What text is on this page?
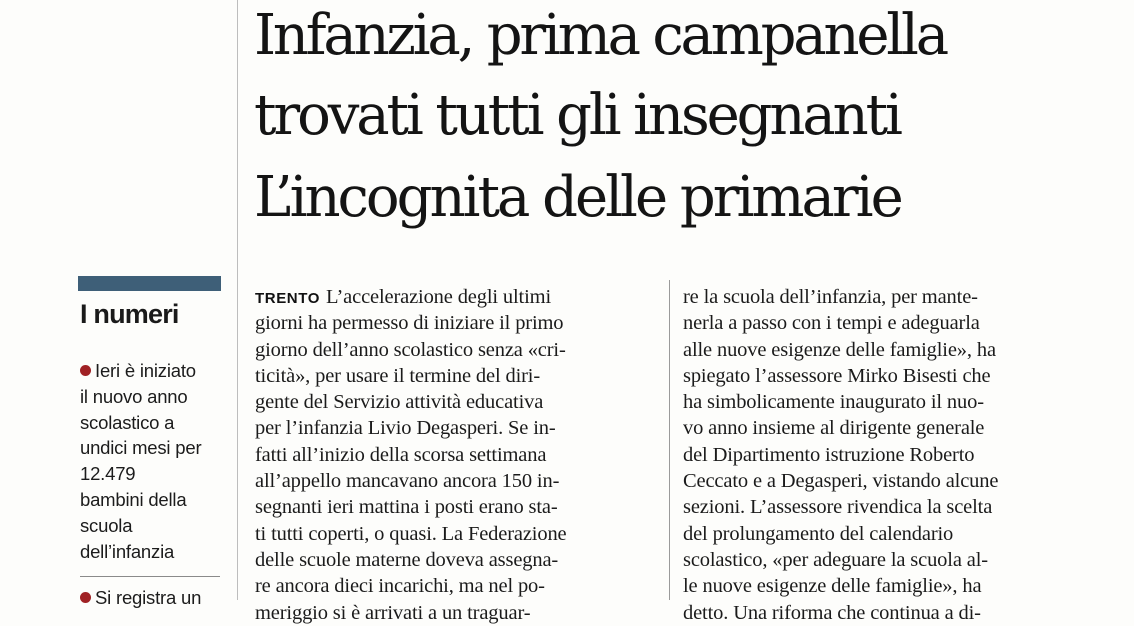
I numeri

Ieri è iniziato
il nuovo anno
scolastico a
undici mesi per
12.479
bambini della
scuola
dell’infanzia

Si registra un

Infanzia, prima campanella
trovati tutti gli insegnanti
L’incognita delle primarie
TRENTO L’accelerazione degli ultimi
giorni ha permesso di iniziare il primo
giorno dell’anno scolastico senza «cri-
ticità», per usare il termine del diri-
gente del Servizio attività educativa
per l’infanzia Livio Degasperi. Se in-
fatti all’inizio della scorsa settimana
all’appello mancavano ancora 150 in-
segnanti ieri mattina i posti erano sta-
ti tutti coperti, o quasi. La Federazione
delle scuole materne doveva assegna-
re ancora dieci incarichi, ma nel po-
meriggio si è arrivati a un traguar-
re la scuola dell’infanzia, per mante-
nerla a passo con i tempi e adeguarla
alle nuove esigenze delle famiglie», ha
spiegato l’assessore Mirko Bisesti che
ha simbolicamente inaugurato il nuo-
vo anno insieme al dirigente generale
del Dipartimento istruzione Roberto
Ceccato e a Degasperi, vistando alcune
sezioni. L’assessore rivendica la scelta
del prolungamento del calendario
scolastico, «per adeguare la scuola al-
le nuove esigenze delle famiglie», ha
detto. Una riforma che continua a di-
